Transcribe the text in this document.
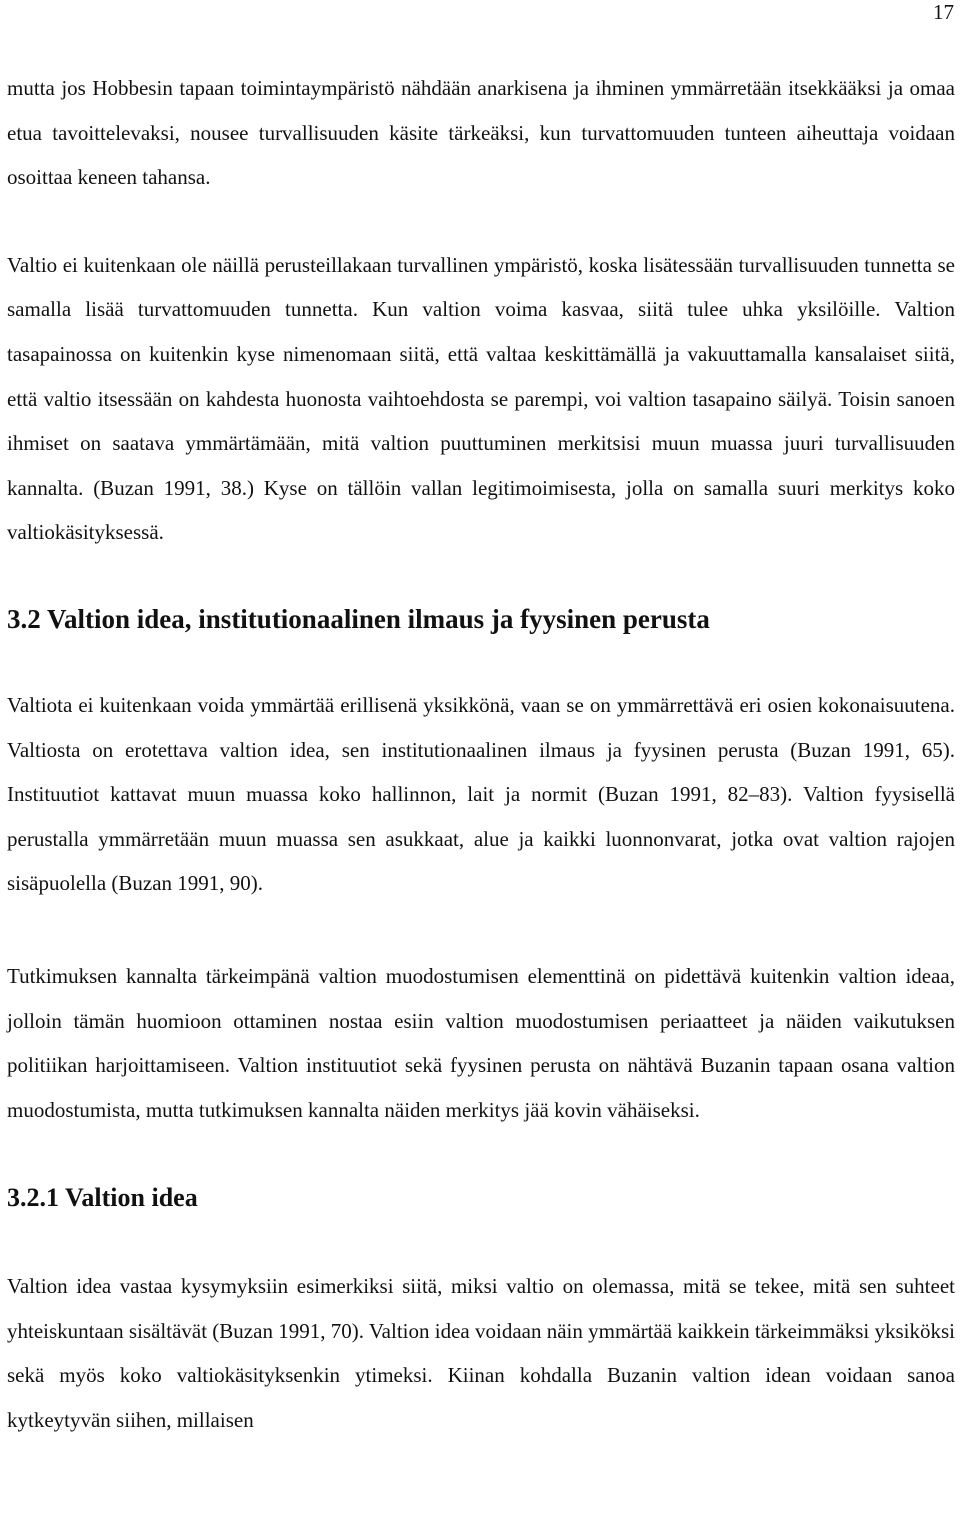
17

mutta jos Hobbesin tapaan toimintaympäristö nähdään anarkisena ja ihminen ymmärretään itsekkääksi ja omaa etua tavoittelevaksi, nousee turvallisuuden käsite tärkeäksi, kun turvattomuuden tunteen aiheuttaja voidaan osoittaa keneen tahansa.

Valtio ei kuitenkaan ole näillä perusteillakaan turvallinen ympäristö, koska lisätessään turvallisuuden tunnetta se samalla lisää turvattomuuden tunnetta. Kun valtion voima kasvaa, siitä tulee uhka yksilöille. Valtion tasapainossa on kuitenkin kyse nimenomaan siitä, että valtaa keskittämällä ja vakuuttamalla kansalaiset siitä, että valtio itsessään on kahdesta huonosta vaihtoehdosta se parempi, voi valtion tasapaino säilyä. Toisin sanoen ihmiset on saatava ymmärtämään, mitä valtion puuttuminen merkitsisi muun muassa juuri turvallisuuden kannalta. (Buzan 1991, 38.) Kyse on tällöin vallan legitimoimisesta, jolla on samalla suuri merkitys koko valtiokäsityksessä.

3.2 Valtion idea, institutionaalinen ilmaus ja fyysinen perusta

Valtiota ei kuitenkaan voida ymmärtää erillisenä yksikkönä, vaan se on ymmärrettävä eri osien kokonaisuutena. Valtiosta on erotettava valtion idea, sen institutionaalinen ilmaus ja fyysinen perusta (Buzan 1991, 65). Instituutiot kattavat muun muassa koko hallinnon, lait ja normit (Buzan 1991, 82–83). Valtion fyysisellä perustalla ymmärretään muun muassa sen asukkaat, alue ja kaikki luonnonvarat, jotka ovat valtion rajojen sisäpuolella (Buzan 1991, 90).

Tutkimuksen kannalta tärkeimpänä valtion muodostumisen elementtinä on pidettävä kuitenkin valtion ideaa, jolloin tämän huomioon ottaminen nostaa esiin valtion muodostumisen periaatteet ja näiden vaikutuksen politiikan harjoittamiseen. Valtion instituutiot sekä fyysinen perusta on nähtävä Buzanin tapaan osana valtion muodostumista, mutta tutkimuksen kannalta näiden merkitys jää kovin vähäiseksi.

3.2.1 Valtion idea

Valtion idea vastaa kysymyksiin esimerkiksi siitä, miksi valtio on olemassa, mitä se tekee, mitä sen suhteet yhteiskuntaan sisältävät (Buzan 1991, 70). Valtion idea voidaan näin ymmärtää kaikkein tärkeimmäksi yksiköksi sekä myös koko valtiokäsityksenkin ytimeksi. Kiinan kohdalla Buzanin valtion idean voidaan sanoa kytkeytyvän siihen, millaisen
